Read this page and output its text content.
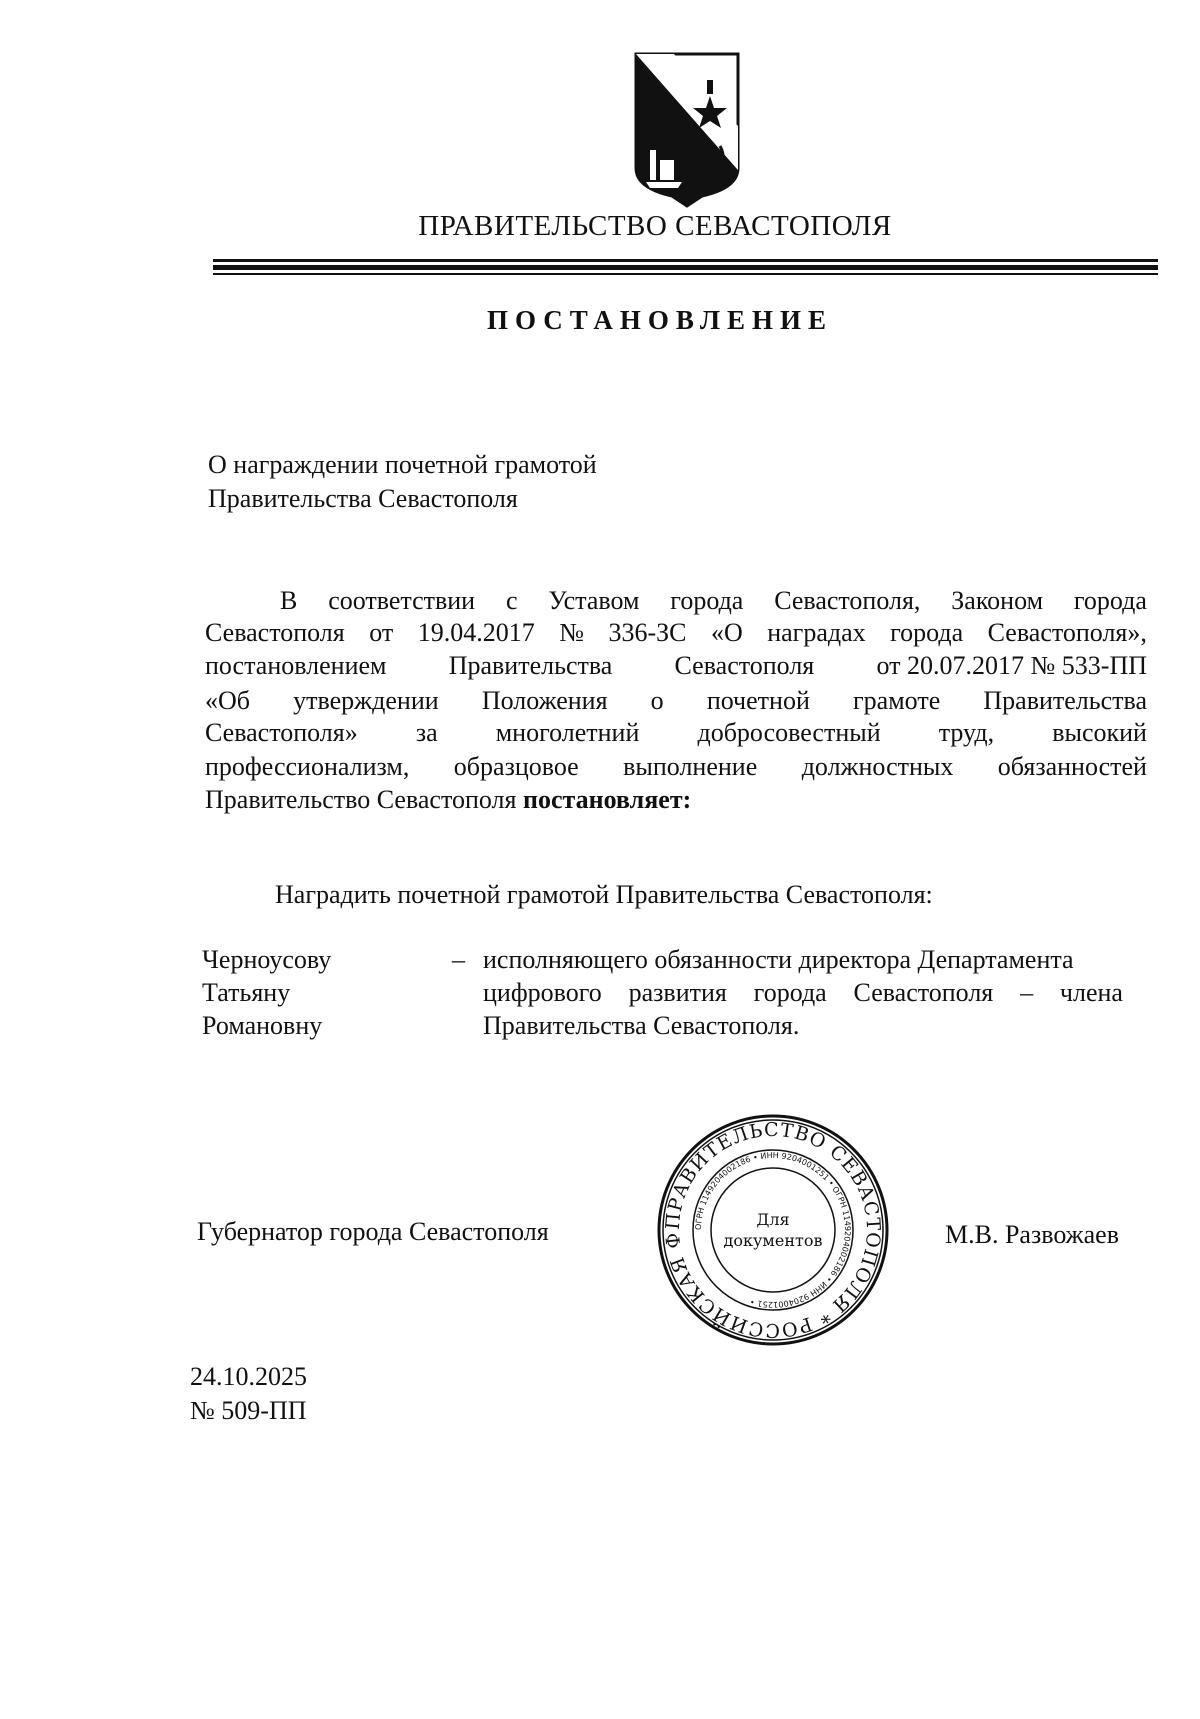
ПРАВИТЕЛЬСТВО СЕВАСТОПОЛЯ
ПОСТАНОВЛЕНИЕ
О награждении почетной грамотой
Правительства Севастополя
В соответствии с Уставом города Севастополя, Законом города
Севастополя от 19.04.2017 № 336-ЗС «О наградах города Севастополя»,
постановлением Правительства Севастополя от 20.07.2017 № 533-ПП
«Об утверждении Положения о почетной грамоте Правительства
Севастополя» за многолетний добросовестный труд, высокий
профессионализм, образцовое выполнение должностных обязанностей
Правительство Севастополя постановляет:
Наградить почетной грамотой Правительства Севастополя:
Черноусову
Татьяну
Романовну
– исполняющего обязанности директора Департамента
цифрового развития города Севастополя – члена
Правительства Севастополя.
Губернатор города Севастополя	М.В. Развожаев
ПРАВИТЕЛЬСТВО СЕВАСТОПОЛЯ * РОССИЙСКАЯ Ф
ОГРН 1149204002186 • ИНН 9204001251 • ОГРН 1149204002186 • ИНН 9204001251 •
Для
документов
24.10.2025
№ 509-ПП
